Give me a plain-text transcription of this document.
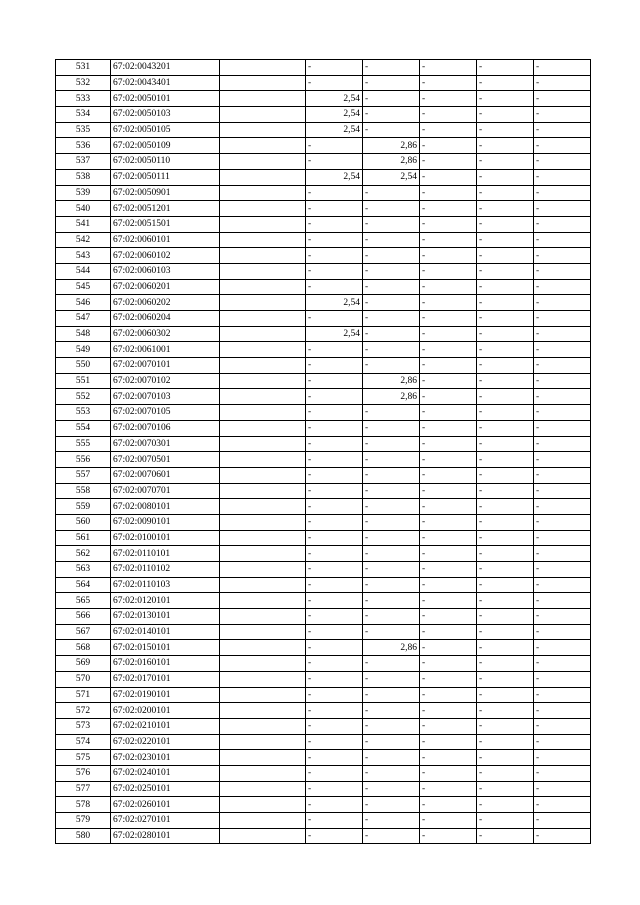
531	67:02:0043201		-	-	-	-	-
532	67:02:0043401		-	-	-	-	-
533	67:02:0050101		2,54	-	-	-	-
534	67:02:0050103		2,54	-	-	-	-
535	67:02:0050105		2,54	-	-	-	-
536	67:02:0050109		-	2,86	-	-	-
537	67:02:0050110		-	2,86	-	-	-
538	67:02:0050111		2,54	2,54	-	-	-
539	67:02:0050901		-	-	-	-	-
540	67:02:0051201		-	-	-	-	-
541	67:02:0051501		-	-	-	-	-
542	67:02:0060101		-	-	-	-	-
543	67:02:0060102		-	-	-	-	-
544	67:02:0060103		-	-	-	-	-
545	67:02:0060201		-	-	-	-	-
546	67:02:0060202		2,54	-	-	-	-
547	67:02:0060204		-	-	-	-	-
548	67:02:0060302		2,54	-	-	-	-
549	67:02:0061001		-	-	-	-	-
550	67:02:0070101		-	-	-	-	-
551	67:02:0070102		-	2,86	-	-	-
552	67:02:0070103		-	2,86	-	-	-
553	67:02:0070105		-	-	-	-	-
554	67:02:0070106		-	-	-	-	-
555	67:02:0070301		-	-	-	-	-
556	67:02:0070501		-	-	-	-	-
557	67:02:0070601		-	-	-	-	-
558	67:02:0070701		-	-	-	-	-
559	67:02:0080101		-	-	-	-	-
560	67:02:0090101		-	-	-	-	-
561	67:02:0100101		-	-	-	-	-
562	67:02:0110101		-	-	-	-	-
563	67:02:0110102		-	-	-	-	-
564	67:02:0110103		-	-	-	-	-
565	67:02:0120101		-	-	-	-	-
566	67:02:0130101		-	-	-	-	-
567	67:02:0140101		-	-	-	-	-
568	67:02:0150101		-	2,86	-	-	-
569	67:02:0160101		-	-	-	-	-
570	67:02:0170101		-	-	-	-	-
571	67:02:0190101		-	-	-	-	-
572	67:02:0200101		-	-	-	-	-
573	67:02:0210101		-	-	-	-	-
574	67:02:0220101		-	-	-	-	-
575	67:02:0230101		-	-	-	-	-
576	67:02:0240101		-	-	-	-	-
577	67:02:0250101		-	-	-	-	-
578	67:02:0260101		-	-	-	-	-
579	67:02:0270101		-	-	-	-	-
580	67:02:0280101		-	-	-	-	-
